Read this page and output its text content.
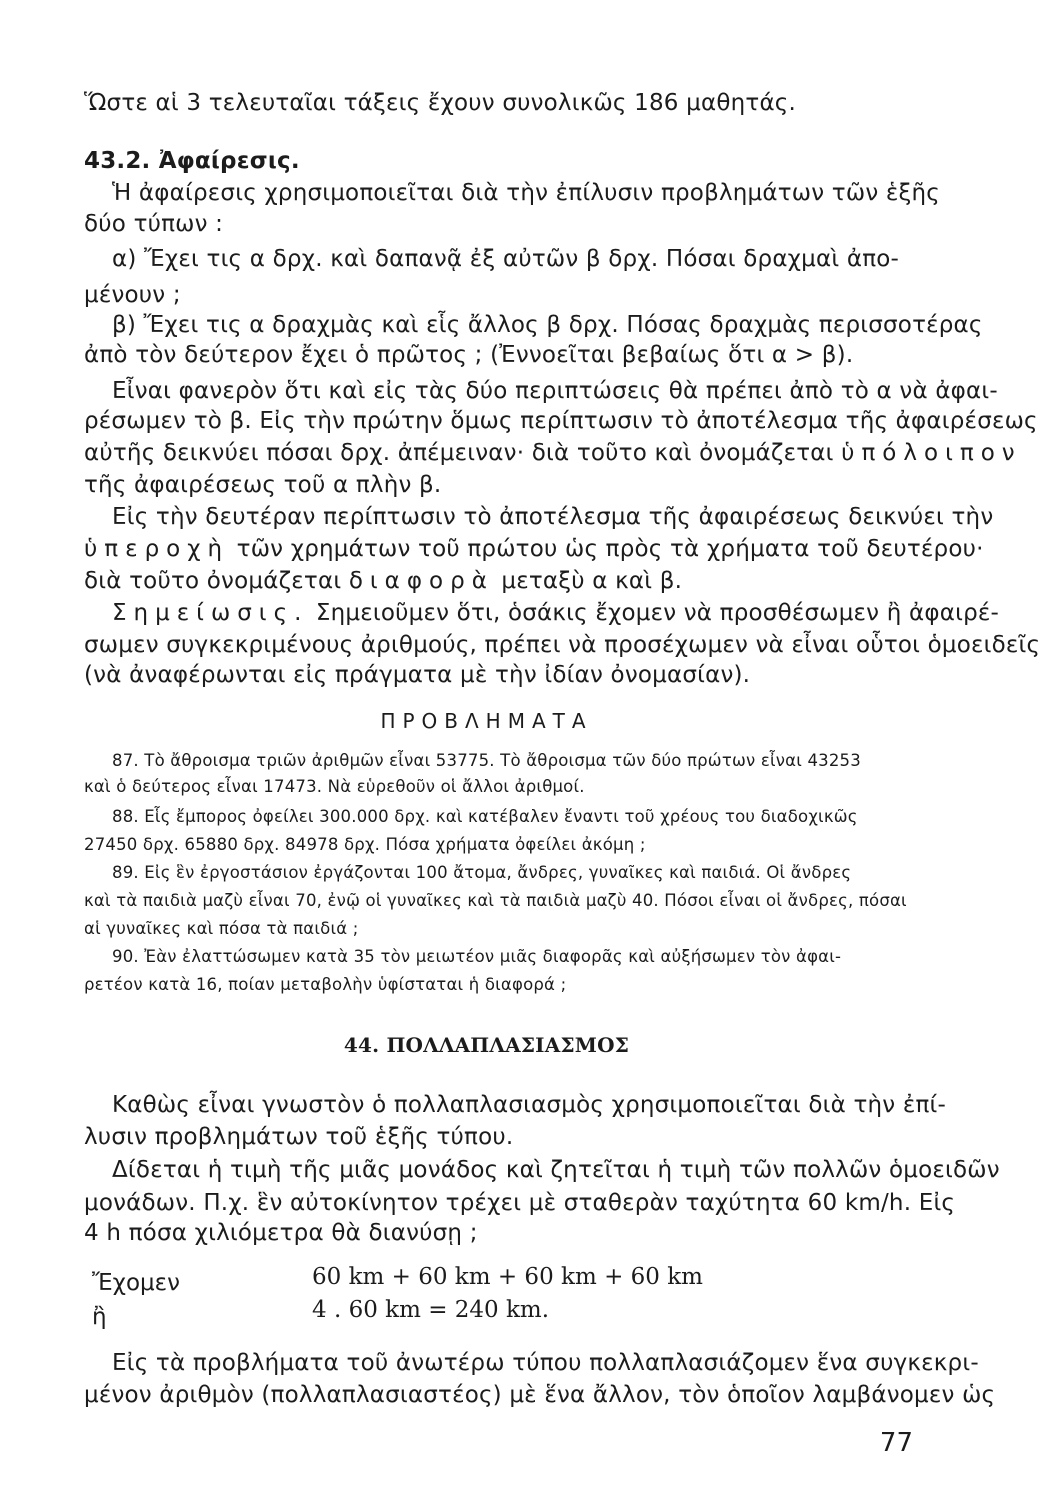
Ὥστε αἱ 3 τελευταῖαι τάξεις ἔχουν συνολικῶς 186 μαθητάς.
43.2. Ἀφαίρεσις.
Ἡ ἀφαίρεσις χρησιμοποιεῖται διὰ τὴν ἐπίλυσιν προβλημάτων τῶν ἑξῆς
δύο τύπων :
α) Ἔχει τις α δρχ. καὶ δαπανᾷ ἐξ αὐτῶν β δρχ. Πόσαι δραχμαὶ ἀπο-
μένουν ;
β) Ἔχει τις α δραχμὰς καὶ εἷς ἄλλος β δρχ. Πόσας δραχμὰς περισσοτέρας
ἀπὸ τὸν δεύτερον ἔχει ὁ πρῶτος ; (Ἐννοεῖται βεβαίως ὅτι α > β).
Εἶναι φανερὸν ὅτι καὶ εἰς τὰς δύο περιπτώσεις θὰ πρέπει ἀπὸ τὸ α νὰ ἀφαι-
ρέσωμεν τὸ β. Εἰς τὴν πρώτην ὅμως περίπτωσιν τὸ ἀποτέλεσμα τῆς ἀφαιρέσεως
αὐτῆς δεικνύει πόσαι δρχ. ἀπέμειναν· διὰ τοῦτο καὶ ὀνομάζεται ὑπόλοιπον
τῆς ἀφαιρέσεως τοῦ α πλὴν β.
Εἰς τὴν δευτέραν περίπτωσιν τὸ ἀποτέλεσμα τῆς ἀφαιρέσεως δεικνύει τὴν
ὑπεροχὴ τῶν χρημάτων τοῦ πρώτου ὡς πρὸς τὰ χρήματα τοῦ δευτέρου·
διὰ τοῦτο ὀνομάζεται διαφορὰ μεταξὺ α καὶ β.
Σημείωσις. Σημειοῦμεν ὅτι, ὁσάκις ἔχομεν νὰ προσθέσωμεν ἢ ἀφαιρέ-
σωμεν συγκεκριμένους ἀριθμούς, πρέπει νὰ προσέχωμεν νὰ εἶναι οὗτοι ὁμοειδεῖς
(νὰ ἀναφέρωνται εἰς πράγματα μὲ τὴν ἰδίαν ὀνομασίαν).
ΠΡΟΒΛΗΜΑΤΑ
87. Τὸ ἄθροισμα τριῶν ἀριθμῶν εἶναι 53775. Τὸ ἄθροισμα τῶν δύο πρώτων εἶναι 43253
καὶ ὁ δεύτερος εἶναι 17473. Νὰ εὑρεθοῦν οἱ ἄλλοι ἀριθμοί.
88. Εἷς ἔμπορος ὀφείλει 300.000 δρχ. καὶ κατέβαλεν ἔναντι τοῦ χρέους του διαδοχικῶς
27450 δρχ. 65880 δρχ. 84978 δρχ. Πόσα χρήματα ὀφείλει ἀκόμη ;
89. Εἰς ἓν ἐργοστάσιον ἐργάζονται 100 ἄτομα, ἄνδρες, γυναῖκες καὶ παιδιά. Οἱ ἄνδρες
καὶ τὰ παιδιὰ μαζὺ εἶναι 70, ἐνῷ οἱ γυναῖκες καὶ τὰ παιδιὰ μαζὺ 40. Πόσοι εἶναι οἱ ἄνδρες, πόσαι
αἱ γυναῖκες καὶ πόσα τὰ παιδιά ;
90. Ἐὰν ἐλαττώσωμεν κατὰ 35 τὸν μειωτέον μιᾶς διαφορᾶς καὶ αὐξήσωμεν τὸν ἀφαι-
ρετέον κατὰ 16, ποίαν μεταβολὴν ὑφίσταται ἡ διαφορά ;
44. ΠΟΛΛΑΠΛΑΣΙΑΣΜΟΣ
Καθὼς εἶναι γνωστὸν ὁ πολλαπλασιασμὸς χρησιμοποιεῖται διὰ τὴν ἐπί-
λυσιν προβλημάτων τοῦ ἑξῆς τύπου.
Δίδεται ἡ τιμὴ τῆς μιᾶς μονάδος καὶ ζητεῖται ἡ τιμὴ τῶν πολλῶν ὁμοειδῶν
μονάδων. Π.χ. ἓν αὐτοκίνητον τρέχει μὲ σταθερὰν ταχύτητα 60 km/h. Εἰς
4 h πόσα χιλιόμετρα θὰ διανύσῃ ;
Ἔχομεν	60 km + 60 km + 60 km + 60 km
ἢ	4 . 60 km = 240 km.
Εἰς τὰ προβλήματα τοῦ ἀνωτέρω τύπου πολλαπλασιάζομεν ἕνα συγκεκρι-
μένον ἀριθμὸν (πολλαπλασιαστέος) μὲ ἕνα ἄλλον, τὸν ὁποῖον λαμβάνομεν ὡς
77
